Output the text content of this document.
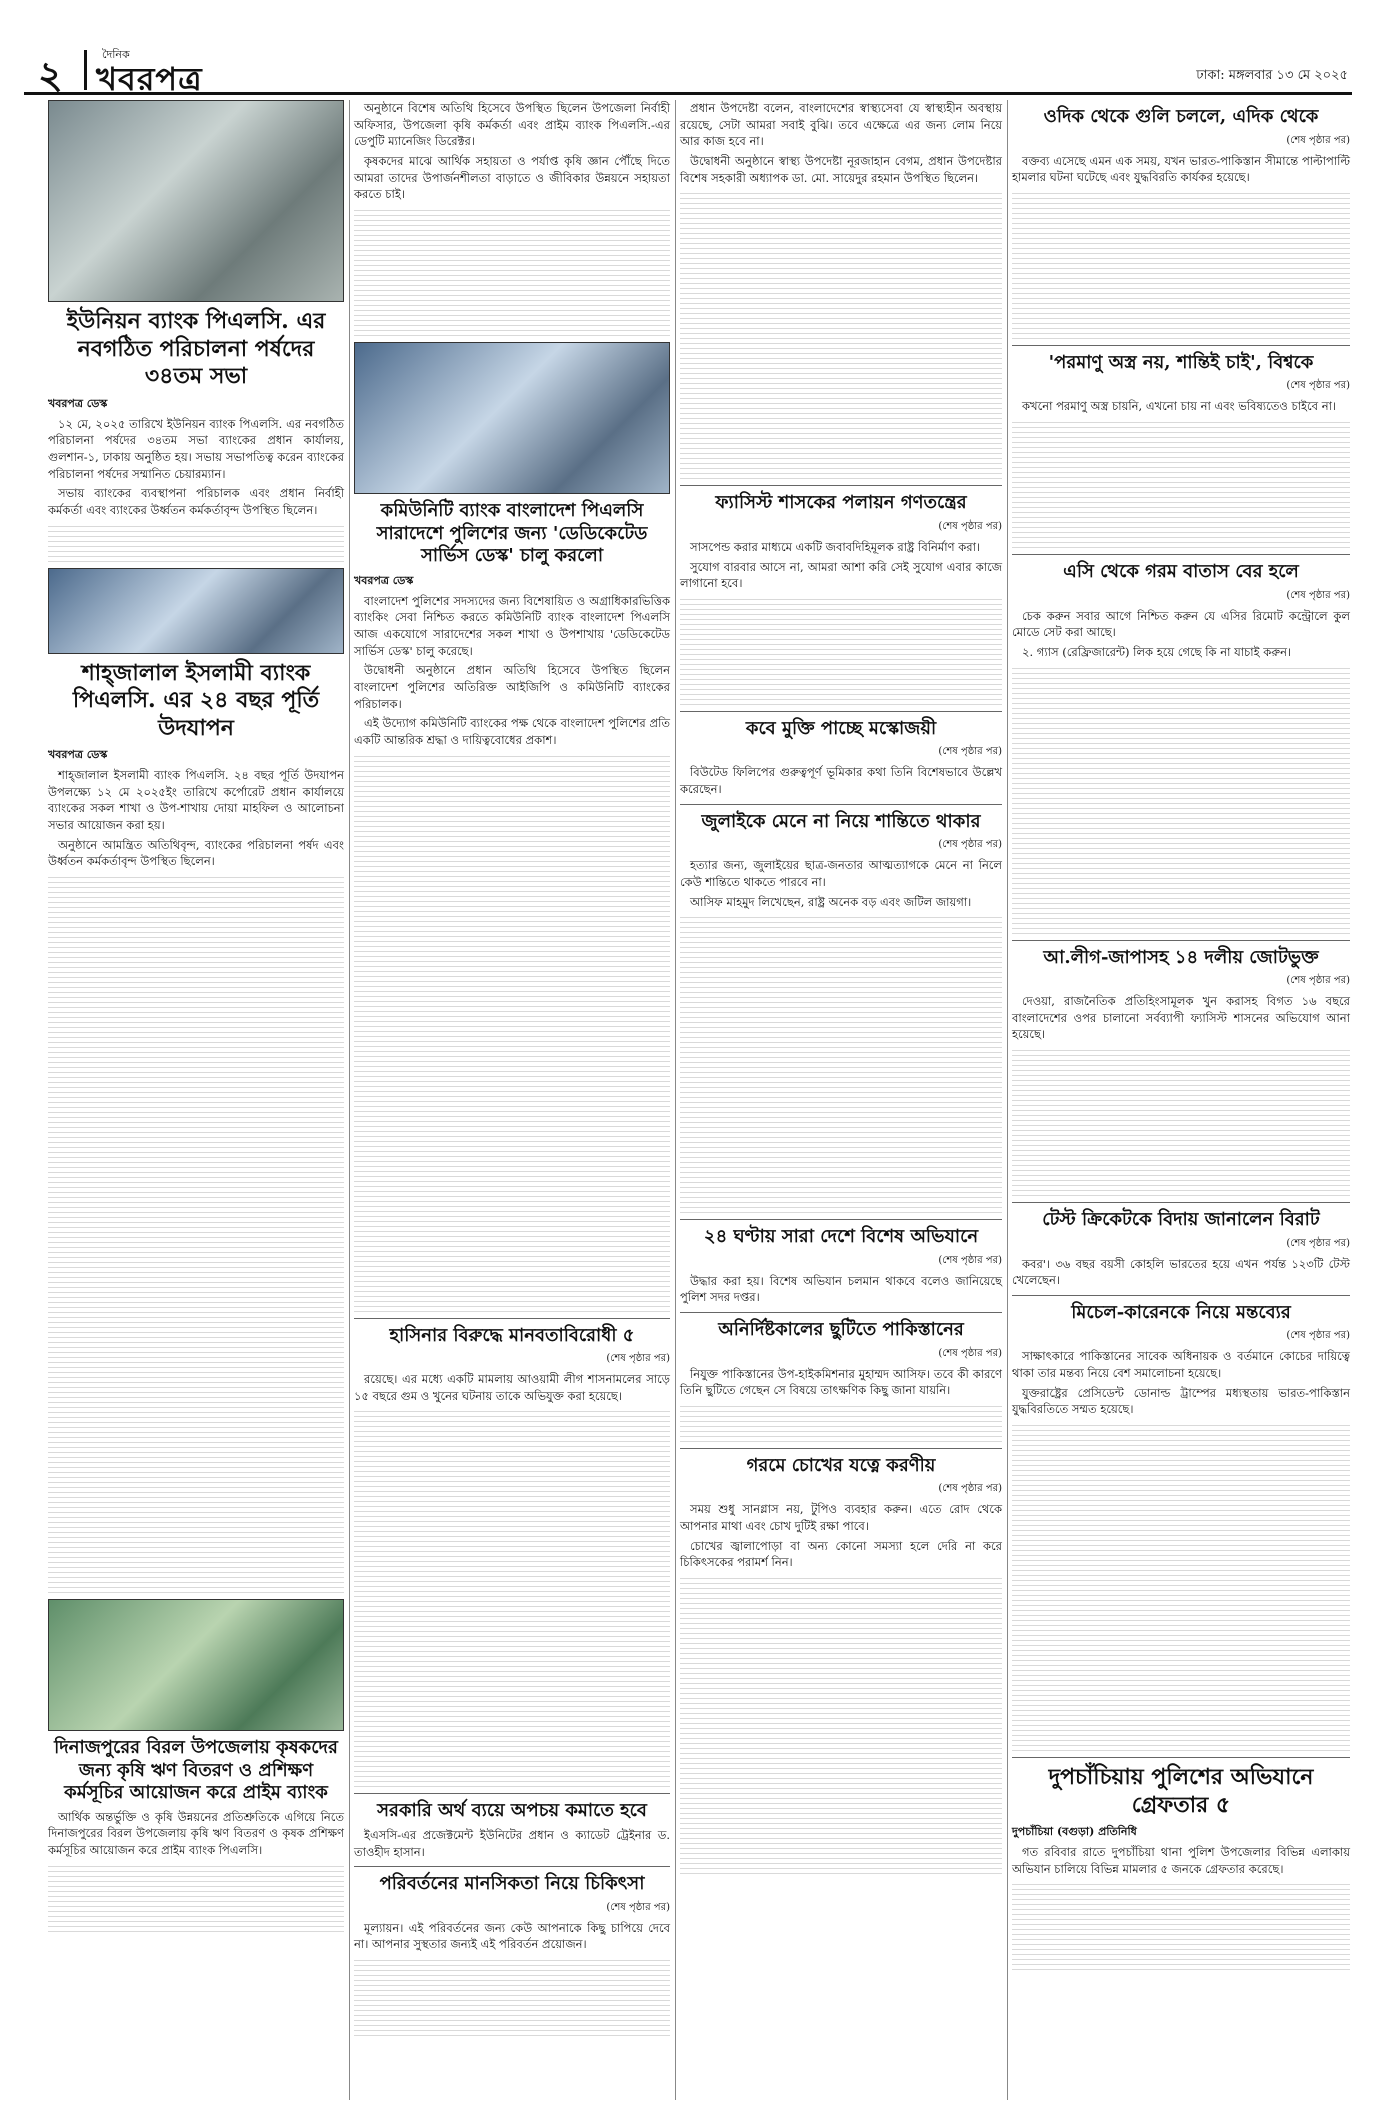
২	দৈনিক
খবরপত্র	ঢাকা: মঙ্গলবার ১৩ মে ২০২৫
ইউনিয়ন ব্যাংক পিএলসি. এর নবগঠিত পরিচালনা পর্ষদের ৩৪তম সভা
খবরপত্র ডেস্ক

১২ মে, ২০২৫ তারিখে ইউনিয়ন ব্যাংক পিএলসি. এর নবগঠিত পরিচালনা পর্ষদের ৩৪তম সভা ব্যাংকের প্রধান কার্যালয়, গুলশান-১, ঢাকায় অনুষ্ঠিত হয়। সভায় সভাপতিত্ব করেন ব্যাংকের পরিচালনা পর্ষদের সম্মানিত চেয়ারম্যান।

সভায় ব্যাংকের ব্যবস্থাপনা পরিচালক এবং প্রধান নির্বাহী কর্মকর্তা এবং ব্যাংকের উর্ধ্বতন কর্মকর্তাবৃন্দ উপস্থিত ছিলেন।

শাহ্জালাল ইসলামী ব্যাংক পিএলসি. এর ২৪ বছর পূর্তি উদযাপন
খবরপত্র ডেস্ক

শাহ্জালাল ইসলামী ব্যাংক পিএলসি. ২৪ বছর পূর্তি উদযাপন উপলক্ষ্যে ১২ মে ২০২৫ইং তারিখে কর্পোরেট প্রধান কার্যালয়ে ব্যাংকের সকল শাখা ও উপ-শাখায় দোয়া মাহফিল ও আলোচনা সভার আয়োজন করা হয়।

অনুষ্ঠানে আমন্ত্রিত অতিথিবৃন্দ, ব্যাংকের পরিচালনা পর্ষদ এবং উর্ধ্বতন কর্মকর্তাবৃন্দ উপস্থিত ছিলেন।

দিনাজপুরের বিরল উপজেলায় কৃষকদের জন্য কৃষি ঋণ বিতরণ ও প্রশিক্ষণ কর্মসূচির আয়োজন করে প্রাইম ব্যাংক

আর্থিক অন্তর্ভুক্তি ও কৃষি উন্নয়নের প্রতিশ্রুতিকে এগিয়ে নিতে দিনাজপুরের বিরল উপজেলায় কৃষি ঋণ বিতরণ ও কৃষক প্রশিক্ষণ কর্মসূচির আয়োজন করে প্রাইম ব্যাংক পিএলসি।

অনুষ্ঠানে বিশেষ অতিথি হিসেবে উপস্থিত ছিলেন উপজেলা নির্বাহী অফিসার, উপজেলা কৃষি কর্মকর্তা এবং প্রাইম ব্যাংক পিএলসি.-এর ডেপুটি ম্যানেজিং ডিরেক্টর।

কৃষকদের মাঝে আর্থিক সহায়তা ও পর্যাপ্ত কৃষি জ্ঞান পৌঁছে দিতে আমরা তাদের উপার্জনশীলতা বাড়াতে ও জীবিকার উন্নয়নে সহায়তা করতে চাই।

কমিউনিটি ব্যাংক বাংলাদেশ পিএলসি সারাদেশে পুলিশের জন্য 'ডেডিকেটেড সার্ভিস ডেস্ক' চালু করলো
খবরপত্র ডেস্ক

বাংলাদেশ পুলিশের সদস্যদের জন্য বিশেষায়িত ও অগ্রাধিকারভিত্তিক ব্যাংকিং সেবা নিশ্চিত করতে কমিউনিটি ব্যাংক বাংলাদেশ পিএলসি আজ একযোগে সারাদেশের সকল শাখা ও উপশাখায় 'ডেডিকেটেড সার্ভিস ডেস্ক' চালু করেছে।

উদ্বোধনী অনুষ্ঠানে প্রধান অতিথি হিসেবে উপস্থিত ছিলেন বাংলাদেশ পুলিশের অতিরিক্ত আইজিপি ও কমিউনিটি ব্যাংকের পরিচালক।

এই উদ্যোগ কমিউনিটি ব্যাংকের পক্ষ থেকে বাংলাদেশ পুলিশের প্রতি একটি আন্তরিক শ্রদ্ধা ও দায়িত্ববোধের প্রকাশ।

হাসিনার বিরুদ্ধে মানবতাবিরোধী ৫
(শেষ পৃষ্ঠার পর)

রয়েছে। এর মধ্যে একটি মামলায় আওয়ামী লীগ শাসনামলের সাড়ে ১৫ বছরে গুম ও খুনের ঘটনায় তাকে অভিযুক্ত করা হয়েছে।

সরকারি অর্থ ব্যয়ে অপচয় কমাতে হবে

ইএসসি-এর প্রজেক্টমেন্ট ইউনিটের প্রধান ও ক্যাডেট ট্রেইনার ড. তাওহীদ হাসান।

পরিবর্তনের মানসিকতা নিয়ে চিকিৎসা
(শেষ পৃষ্ঠার পর)

মূল্যায়ন। এই পরিবর্তনের জন্য কেউ আপনাকে কিছু চাপিয়ে দেবে না। আপনার সুস্থতার জন্যই এই পরিবর্তন প্রয়োজন।

প্রধান উপদেষ্টা বলেন, বাংলাদেশের স্বাস্থ্যসেবা যে স্বাস্থ্যহীন অবস্থায় রয়েছে, সেটা আমরা সবাই বুঝি। তবে এক্ষেত্রে এর জন্য লোম নিয়ে আর কাজ হবে না।

উদ্বোধনী অনুষ্ঠানে স্বাস্থ্য উপদেষ্টা নূরজাহান বেগম, প্রধান উপদেষ্টার বিশেষ সহকারী অধ্যাপক ডা. মো. সায়েদুর রহমান উপস্থিত ছিলেন।

ফ্যাসিস্ট শাসকের পলায়ন গণতন্ত্রের
(শেষ পৃষ্ঠার পর)

সাসপেন্ড করার মাধ্যমে একটি জবাবদিহিমূলক রাষ্ট্র বিনির্মাণ করা।

সুযোগ বারবার আসে না, আমরা আশা করি সেই সুযোগ এবার কাজে লাগানো হবে।

কবে মুক্তি পাচ্ছে মস্কোজয়ী
(শেষ পৃষ্ঠার পর)

বিউটেড ফিলিপের গুরুত্বপূর্ণ ভূমিকার কথা তিনি বিশেষভাবে উল্লেখ করেছেন।

জুলাইকে মেনে না নিয়ে শান্তিতে থাকার
(শেষ পৃষ্ঠার পর)

হত্যার জন্য, জুলাইয়ের ছাত্র-জনতার আত্মত্যাগকে মেনে না নিলে কেউ শান্তিতে থাকতে পারবে না।

আসিফ মাহমুদ লিখেছেন, রাষ্ট্র অনেক বড় এবং জটিল জায়গা।

২৪ ঘণ্টায় সারা দেশে বিশেষ অভিযানে
(শেষ পৃষ্ঠার পর)

উদ্ধার করা হয়। বিশেষ অভিযান চলমান থাকবে বলেও জানিয়েছে পুলিশ সদর দপ্তর।

অনির্দিষ্টকালের ছুটিতে পাকিস্তানের
(শেষ পৃষ্ঠার পর)

নিযুক্ত পাকিস্তানের উপ-হাইকমিশনার মুহাম্মদ আসিফ। তবে কী কারণে তিনি ছুটিতে গেছেন সে বিষয়ে তাৎক্ষণিক কিছু জানা যায়নি।

গরমে চোখের যত্নে করণীয়
(শেষ পৃষ্ঠার পর)

সময় শুধু সানগ্লাস নয়, টুপিও ব্যবহার করুন। এতে রোদ থেকে আপনার মাথা এবং চোখ দুটিই রক্ষা পাবে।

চোখের জ্বালাপোড়া বা অন্য কোনো সমস্যা হলে দেরি না করে চিকিৎসকের পরামর্শ নিন।

ওদিক থেকে গুলি চললে, এদিক থেকে
(শেষ পৃষ্ঠার পর)

বক্তব্য এসেছে এমন এক সময়, যখন ভারত-পাকিস্তান সীমান্তে পাল্টাপাল্টি হামলার ঘটনা ঘটেছে এবং যুদ্ধবিরতি কার্যকর হয়েছে।

'পরমাণু অস্ত্র নয়, শান্তিই চাই', বিশ্বকে
(শেষ পৃষ্ঠার পর)

কখনো পরমাণু অস্ত্র চায়নি, এখনো চায় না এবং ভবিষ্যতেও চাইবে না।

এসি থেকে গরম বাতাস বের হলে
(শেষ পৃষ্ঠার পর)

চেক করুন সবার আগে নিশ্চিত করুন যে এসির রিমোট কন্ট্রোলে কুল মোডে সেট করা আছে।

২. গ্যাস (রেফ্রিজারেন্ট) লিক হয়ে গেছে কি না যাচাই করুন।

আ.লীগ-জাপাসহ ১৪ দলীয় জোটভুক্ত
(শেষ পৃষ্ঠার পর)

দেওয়া, রাজনৈতিক প্রতিহিংসামূলক খুন করাসহ বিগত ১৬ বছরে বাংলাদেশের ওপর চালানো সর্বব্যাপী ফ্যাসিস্ট শাসনের অভিযোগ আনা হয়েছে।

টেস্ট ক্রিকেটকে বিদায় জানালেন বিরাট
(শেষ পৃষ্ঠার পর)

কবর'। ৩৬ বছর বয়সী কোহলি ভারতের হয়ে এখন পর্যন্ত ১২৩টি টেস্ট খেলেছেন।

মিচেল-কারেনকে নিয়ে মন্তব্যের
(শেষ পৃষ্ঠার পর)

সাক্ষাৎকারে পাকিস্তানের সাবেক অধিনায়ক ও বর্তমানে কোচের দায়িত্বে থাকা তার মন্তব্য নিয়ে বেশ সমালোচনা হয়েছে।

যুক্তরাষ্ট্রের প্রেসিডেন্ট ডোনাল্ড ট্রাম্পের মধ্যস্থতায় ভারত-পাকিস্তান যুদ্ধবিরতিতে সম্মত হয়েছে।

দুপচাঁচিয়ায় পুলিশের অভিযানে গ্রেফতার ৫
দুপচাঁচিয়া (বগুড়া) প্রতিনিধি

গত রবিবার রাতে দুপচাঁচিয়া থানা পুলিশ উপজেলার বিভিন্ন এলাকায় অভিযান চালিয়ে বিভিন্ন মামলার ৫ জনকে গ্রেফতার করেছে।
